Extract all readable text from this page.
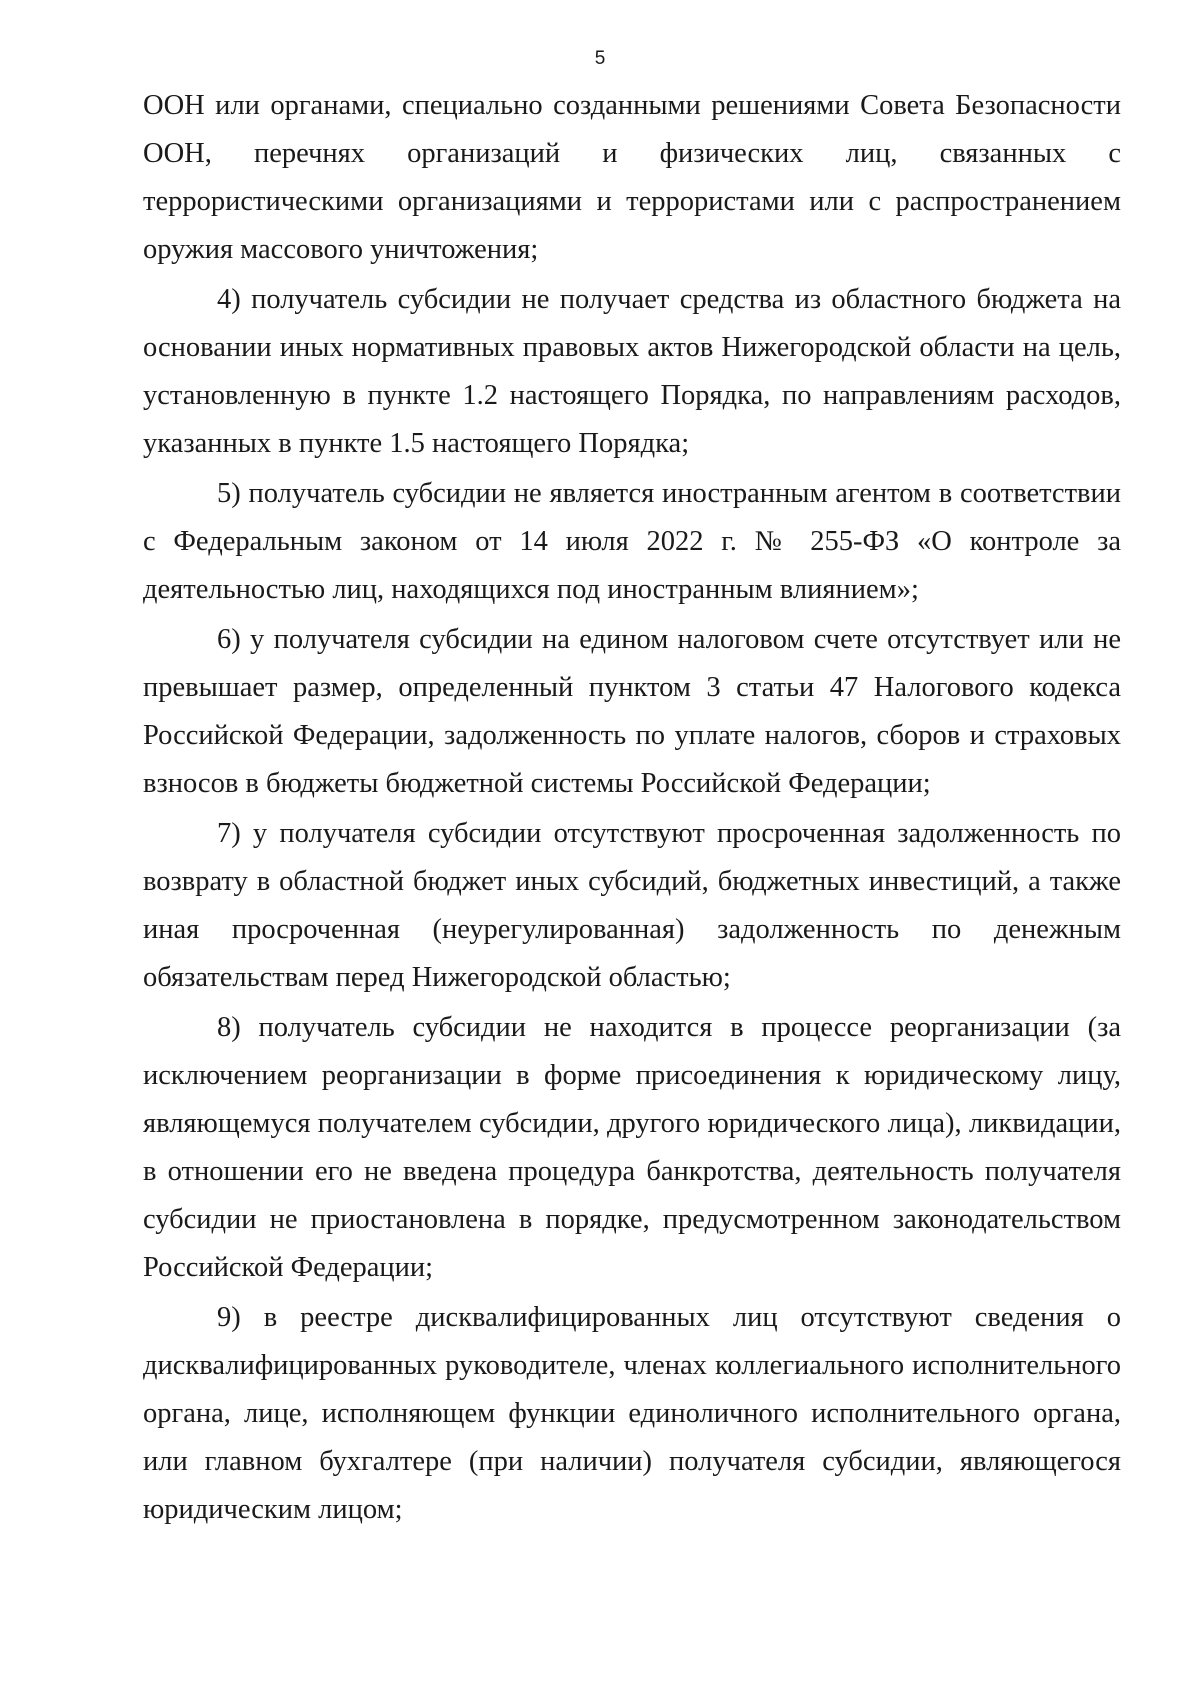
5

ООН или органами, специально созданными решениями Совета Безопасности ООН, перечнях организаций и физических лиц, связанных с террористическими организациями и террористами или с распространением оружия массового уничтожения;

4) получатель субсидии не получает средства из областного бюджета на основании иных нормативных правовых актов Нижегородской области на цель, установленную в пункте 1.2 настоящего Порядка, по направлениям расходов, указанных в пункте 1.5 настоящего Порядка;

5) получатель субсидии не является иностранным агентом в соответствии с Федеральным законом от 14 июля 2022 г. № 255-ФЗ «О контроле за деятельностью лиц, находящихся под иностранным влиянием»;

6) у получателя субсидии на едином налоговом счете отсутствует или не превышает размер, определенный пунктом 3 статьи 47 Налогового кодекса Российской Федерации, задолженность по уплате налогов, сборов и страховых взносов в бюджеты бюджетной системы Российской Федерации;

7) у получателя субсидии отсутствуют просроченная задолженность по возврату в областной бюджет иных субсидий, бюджетных инвестиций, а также иная просроченная (неурегулированная) задолженность по денежным обязательствам перед Нижегородской областью;

8) получатель субсидии не находится в процессе реорганизации (за исключением реорганизации в форме присоединения к юридическому лицу, являющемуся получателем субсидии, другого юридического лица), ликвидации, в отношении его не введена процедура банкротства, деятельность получателя субсидии не приостановлена в порядке, предусмотренном законодательством Российской Федерации;

9) в реестре дисквалифицированных лиц отсутствуют сведения о дисквалифицированных руководителе, членах коллегиального исполнительного органа, лице, исполняющем функции единоличного исполнительного органа, или главном бухгалтере (при наличии) получателя субсидии, являющегося юридическим лицом;
